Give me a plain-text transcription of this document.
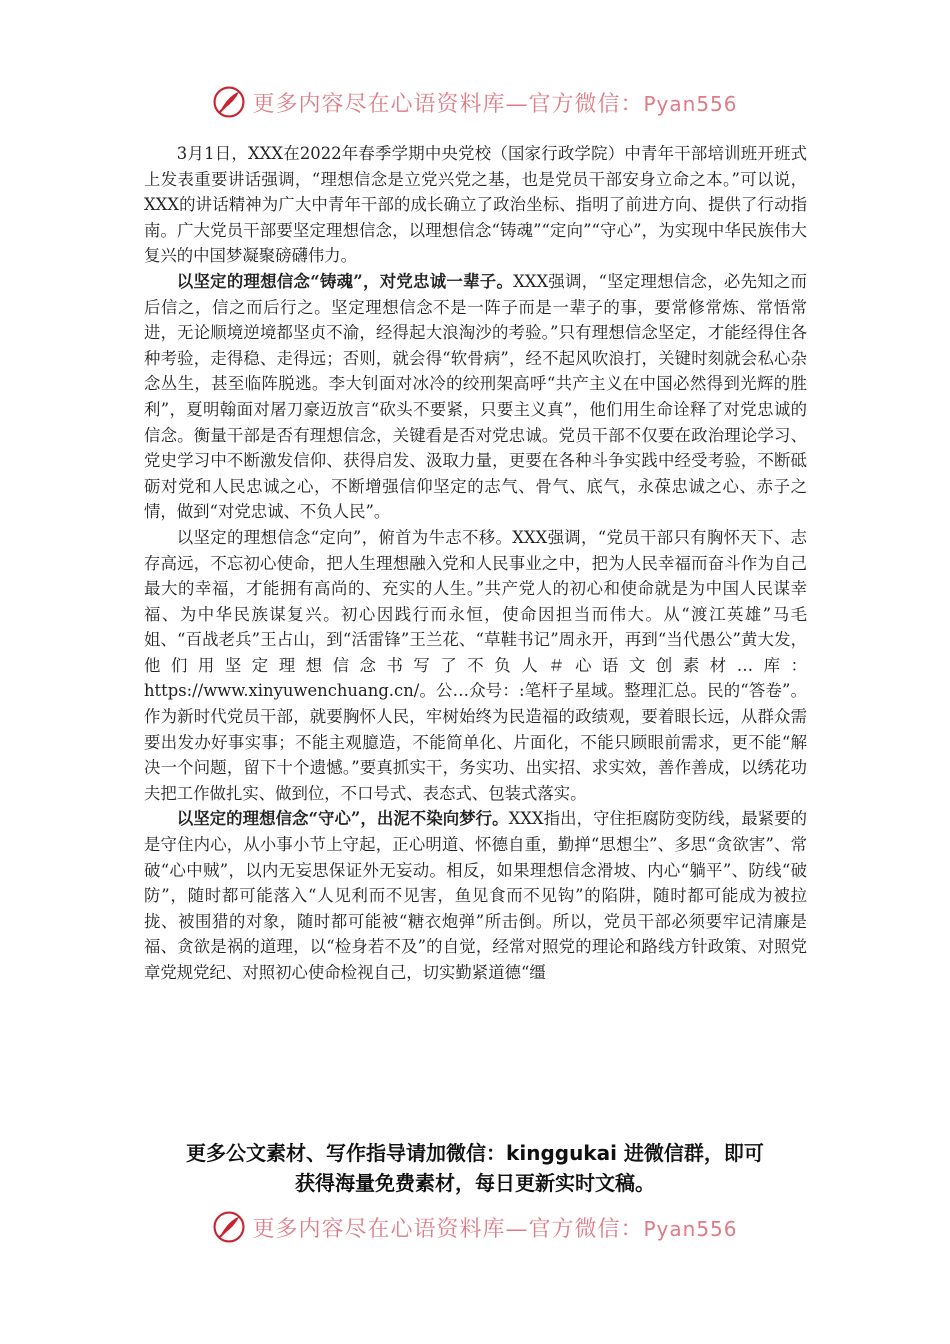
更多内容尽在心语资料库—官方微信：Pyan556

3月1日，XXX在2022年春季学期中央党校（国家行政学院）中青年干部培训班开班式上发表重要讲话强调，“理想信念是立党兴党之基，也是党员干部安身立命之本。”可以说，XXX的讲话精神为广大中青年干部的成长确立了政治坐标、指明了前进方向、提供了行动指南。广大党员干部要坚定理想信念，以理想信念“铸魂”“定向”“守心”，为实现中华民族伟大复兴的中国梦凝聚磅礴伟力。

以坚定的理想信念“铸魂”，对党忠诚一辈子。XXX强调，“坚定理想信念，必先知之而后信之，信之而后行之。坚定理想信念不是一阵子而是一辈子的事，要常修常炼、常悟常进，无论顺境逆境都坚贞不渝，经得起大浪淘沙的考验。”只有理想信念坚定，才能经得住各种考验，走得稳、走得远；否则，就会得“软骨病”，经不起风吹浪打，关键时刻就会私心杂念丛生，甚至临阵脱逃。李大钊面对冰冷的绞刑架高呼“共产主义在中国必然得到光辉的胜利”，夏明翰面对屠刀豪迈放言“砍头不要紧，只要主义真”，他们用生命诠释了对党忠诚的信念。衡量干部是否有理想信念，关键看是否对党忠诚。党员干部不仅要在政治理论学习、党史学习中不断激发信仰、获得启发、汲取力量，更要在各种斗争实践中经受考验，不断砥砺对党和人民忠诚之心，不断增强信仰坚定的志气、骨气、底气，永葆忠诚之心、赤子之情，做到“对党忠诚、不负人民”。

以坚定的理想信念“定向”，俯首为牛志不移。XXX强调，“党员干部只有胸怀天下、志存高远，不忘初心使命，把人生理想融入党和人民事业之中，把为人民幸福而奋斗作为自己最大的幸福，才能拥有高尚的、充实的人生。”共产党人的初心和使命就是为中国人民谋幸福、为中华民族谋复兴。初心因践行而永恒，使命因担当而伟大。从“渡江英雄”马毛姐、“百战老兵”王占山，到“活雷锋”王兰花、“草鞋书记”周永开，再到“当代愚公”黄大发，他们用坚定理想信念书写了不负人＃心语文创素材…库：https://www.xinyuwenchuang.cn/。公…众号：:笔杆子星域。整理汇总。民的“答卷”。作为新时代党员干部，就要胸怀人民，牢树始终为民造福的政绩观，要着眼长远，从群众需要出发办好事实事；不能主观臆造，不能简单化、片面化，不能只顾眼前需求，更不能“解决一个问题，留下十个遗憾。”要真抓实干，务实功、出实招、求实效，善作善成，以绣花功夫把工作做扎实、做到位，不口号式、表态式、包装式落实。

以坚定的理想信念“守心”，出泥不染向梦行。XXX指出，守住拒腐防变防线，最紧要的是守住内心，从小事小节上守起，正心明道、怀德自重，勤掸“思想尘”、多思“贪欲害”、常破“心中贼”，以内无妄思保证外无妄动。相反，如果理想信念滑坡、内心“躺平”、防线“破防”，随时都可能落入“人见利而不见害，鱼见食而不见钩”的陷阱，随时都可能成为被拉拢、被围猎的对象，随时都可能被“糖衣炮弹”所击倒。所以，党员干部必须要牢记清廉是福、贪欲是祸的道理，以“检身若不及”的自觉，经常对照党的理论和路线方针政策、对照党章党规党纪、对照初心使命检视自己，切实勤紧道德“缰

更多公文素材、写作指导请加微信：kinggukai 进微信群，即可
获得海量免费素材，每日更新实时文稿。
更多内容尽在心语资料库—官方微信：Pyan556
